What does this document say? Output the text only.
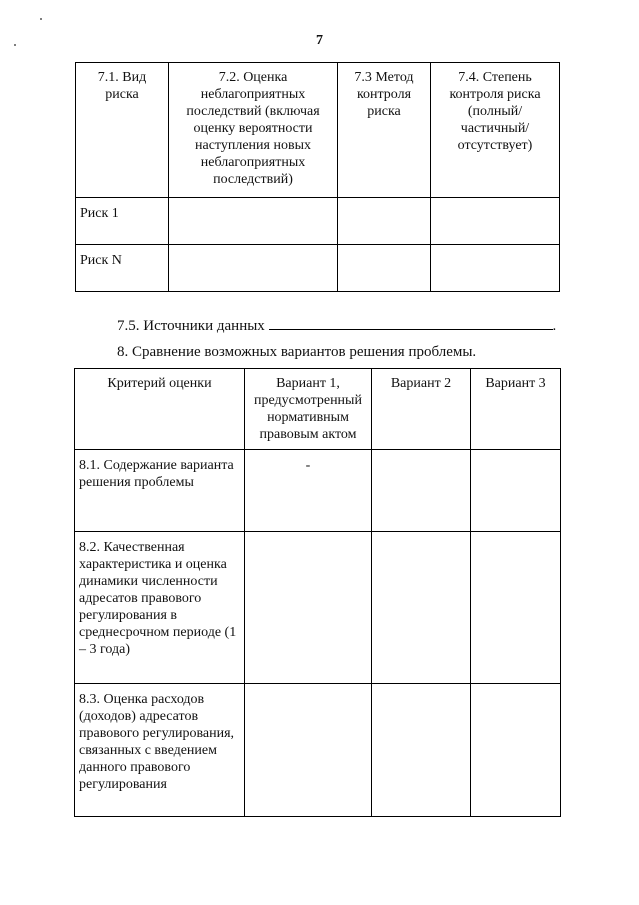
7
7.1. Вид риска	7.2. Оценка неблагоприятных последствий (включая оценку вероятности наступления новых неблагоприятных последствий)	7.3 Метод контроля риска	7.4. Степень контроля риска (полный/ частичный/ отсутствует)
Риск 1			
Риск N			
7.5. Источники данных	.
8. Сравнение возможных вариантов решения проблемы.
Критерий оценки	Вариант 1, предусмотренный нормативным правовым актом	Вариант 2	Вариант 3
8.1. Содержание варианта решения проблемы	-		
8.2. Качественная характеристика и оценка динамики численности адресатов правового регулирования в среднесрочном периоде (1 – 3 года)			
8.3. Оценка расходов (доходов) адресатов правового регулирования, связанных с введением данного правового регулирования			
